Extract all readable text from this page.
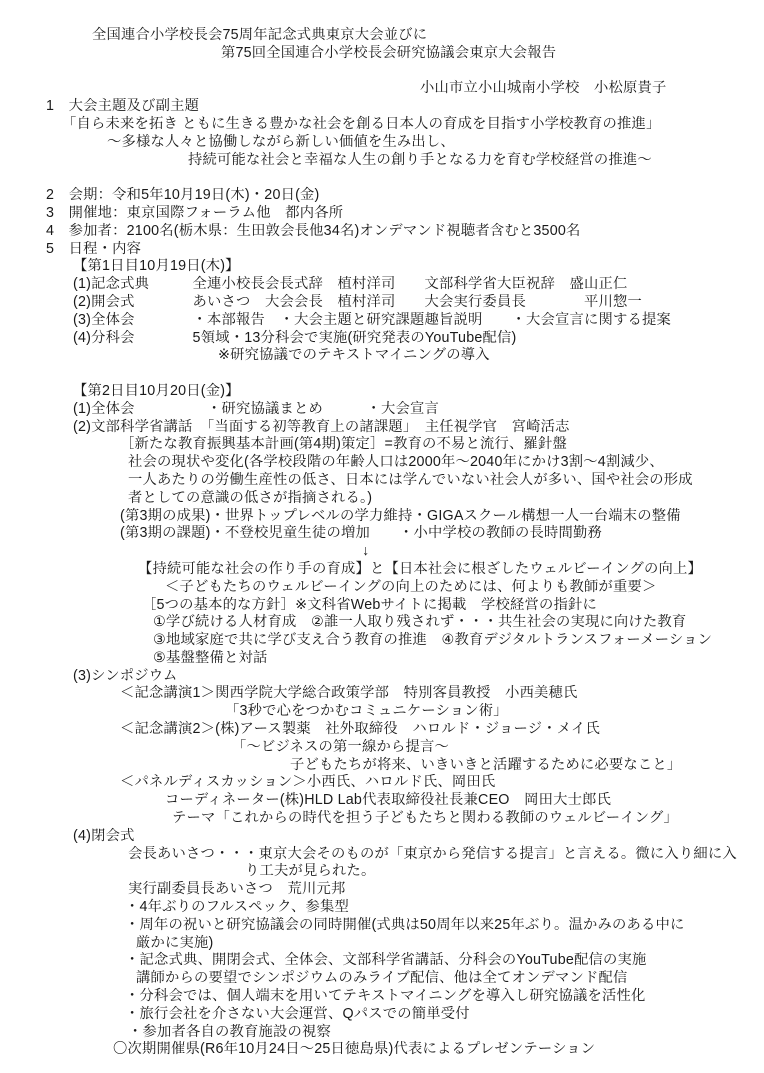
全国連合小学校長会75周年記念式典東京大会並びに
第75回全国連合小学校長会研究協議会東京大会報告
小山市立小山城南小学校　小松原貴子
1　大会主題及び副主題
「自ら未来を拓き ともに生きる豊かな社会を創る日本人の育成を目指す小学校教育の推進」
～多様な人々と協働しながら新しい価値を生み出し、
持続可能な社会と幸福な人生の創り手となる力を育む学校経営の推進～
2　会期：令和5年10月19日(木)・20日(金)
3　開催地：東京国際フォーラム他　都内各所
4　参加者：2100名(栃木県：生田敦会長他34名)オンデマンド視聴者含むと3500名
5　日程・内容
【第1日目10月19日(木)】
(1)記念式典　　　全連小校長会長式辞　植村洋司　　文部科学省大臣祝辞　盛山正仁
(2)開会式　　　　あいさつ　大会会長　植村洋司　　大会実行委員長　　　　平川惣一
(3)全体会　　　　・本部報告　・大会主題と研究課題趣旨説明　　・大会宣言に関する提案
(4)分科会　　　　5領域・13分科会で実施(研究発表のYouTube配信)
※研究協議でのテキストマイニングの導入
【第2日目10月20日(金)】
(1)全体会　　　　　・研究協議まとめ　　　・大会宣言
(2)文部科学省講話　「当面する初等教育上の諸課題」　主任視学官　宮崎活志
［新たな教育振興基本計画(第4期)策定］=教育の不易と流行、羅針盤
社会の現状や変化(各学校段階の年齢人口は2000年～2040年にかけ3割～4割減少、
一人あたりの労働生産性の低さ、日本には学んでいない社会人が多い、国や社会の形成
者としての意識の低さが指摘される。)
(第3期の成果)・世界トップレベルの学力維持・GIGAスクール構想一人一台端末の整備
(第3期の課題)・不登校児童生徒の増加　　・小中学校の教師の長時間勤務
↓
【持続可能な社会の作り手の育成】と【日本社会に根ざしたウェルビーイングの向上】
＜子どもたちのウェルビーイングの向上のためには、何よりも教師が重要＞
［5つの基本的な方針］※文科省Webサイトに掲載　学校経営の指針に
①学び続ける人材育成　②誰一人取り残されず・・・共生社会の実現に向けた教育
③地域家庭で共に学び支え合う教育の推進　④教育デジタルトランスフォーメーション
⑤基盤整備と対話
(3)シンポジウム
＜記念講演1＞関西学院大学総合政策学部　特別客員教授　小西美穂氏
「3秒で心をつかむコミュニケーション術」
＜記念講演2＞(株)アース製薬　社外取締役　ハロルド・ジョージ・メイ氏
「～ビジネスの第一線から提言～
子どもたちが将来、いきいきと活躍するために必要なこと」
＜パネルディスカッション＞小西氏、ハロルド氏、岡田氏
コーディネーター(株)HLD Lab代表取締役社長兼CEO　岡田大士郎氏
テーマ「これからの時代を担う子どもたちと関わる教師のウェルビーイング」
(4)閉会式
会長あいさつ・・・東京大会そのものが「東京から発信する提言」と言える。微に入り細に入
り工夫が見られた。
実行副委員長あいさつ　荒川元邦
・4年ぶりのフルスペック、参集型
・周年の祝いと研究協議会の同時開催(式典は50周年以来25年ぶり。温かみのある中に
厳かに実施)
・記念式典、開閉会式、全体会、文部科学省講話、分科会のYouTube配信の実施
講師からの要望でシンポジウムのみライブ配信、他は全てオンデマンド配信
・分科会では、個人端末を用いてテキストマイニングを導入し研究協議を活性化
・旅行会社を介さない大会運営、Qパスでの簡単受付
・参加者各自の教育施設の視察
〇次期開催県(R6年10月24日～25日徳島県)代表によるプレゼンテーション
